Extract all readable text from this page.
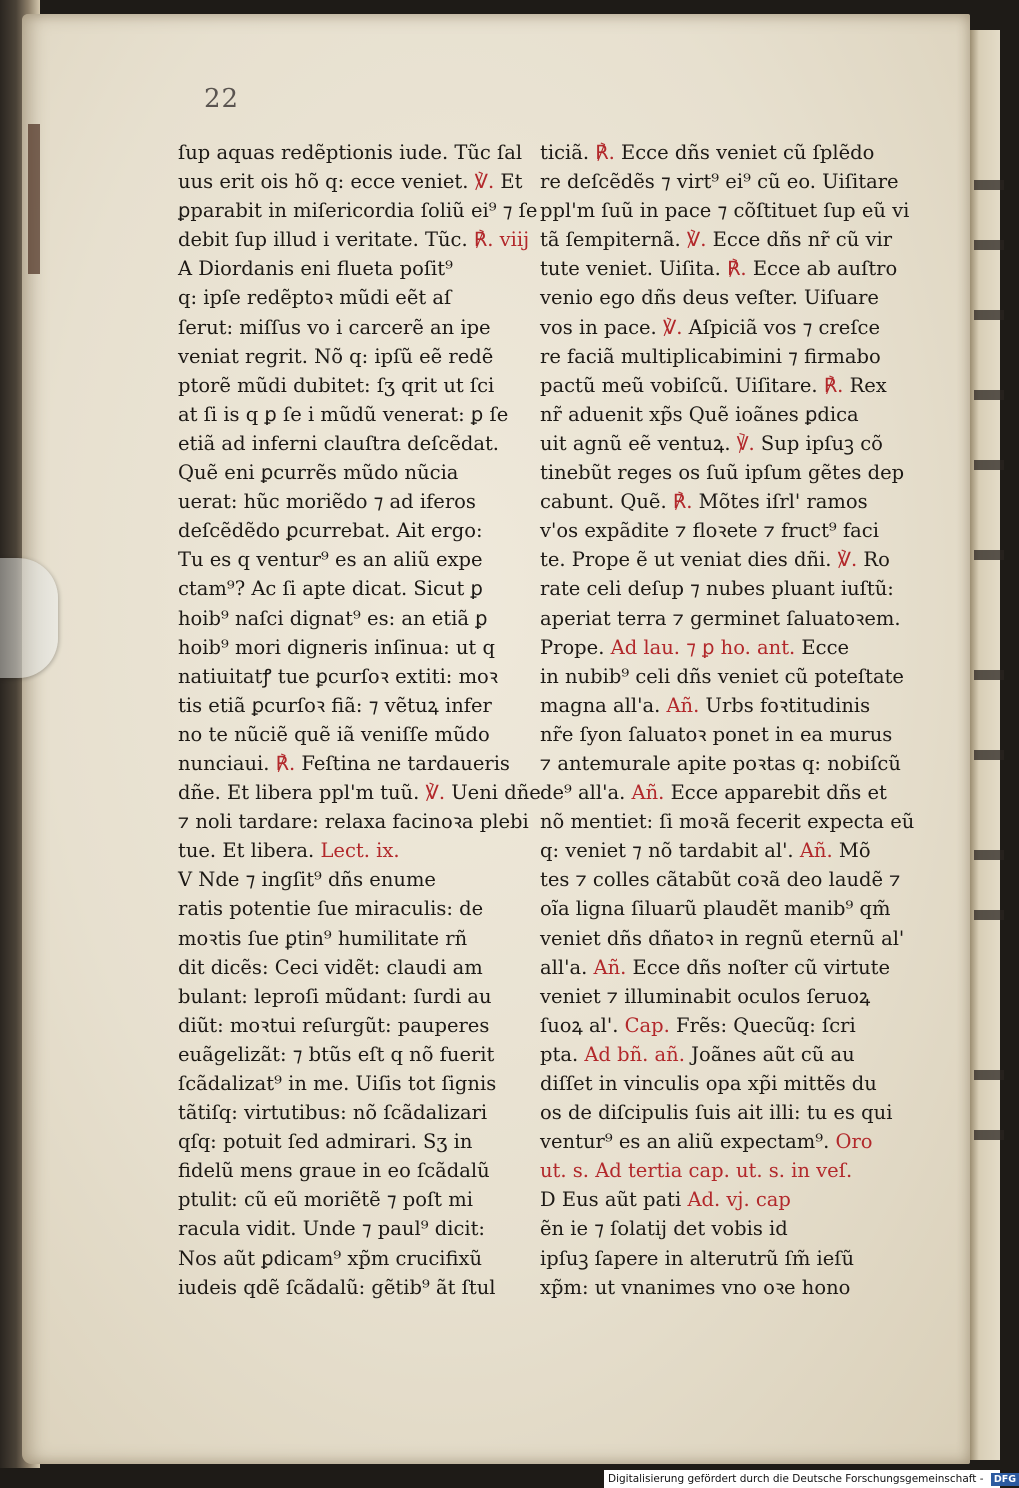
22
ſup aquas redẽptionis iude. Tũc ſal
uus erit ois hõ q: ecce veniet. ℣. Et
ꝑparabit in miſericordia ſoliũ ei⁹ ⁊ ſe
debit ſup illud i veritate. Tũc. ℟. viij
A Diordanis eni flueta poſit⁹
q: ipſe redẽptoꝛ mũdi eẽt aſ
ſerut: miſſus vo i carcerẽ an ipe
veniat regrit. Nõ q: ipſũ eẽ redẽ
ptorẽ mũdi dubitet: ſʒ qrit ut ſci
at ſi is q ꝑ ſe i mũdũ venerat: ꝑ ſe
etiã ad inferni clauſtra deſcẽdat.
Quẽ eni ꝑcurrẽs mũdo nũcia
uerat: hũc moriẽdo ⁊ ad iferos
deſcẽdẽdo ꝑcurrebat. Ait ergo:
Tu es q ventur⁹ es an aliũ expe
ctam⁹? Ac ſi apte dicat. Sicut ꝑ
hoib⁹ naſci dignat⁹ es: an etiã ꝑ
hoib⁹ mori digneris inſinua: ut q
natiuitatꝭ tue ꝑcurſoꝛ extiti: moꝛ
tis etiã ꝑcurſoꝛ fiã: ⁊ vẽtuꝝ infer
no te nũciẽ quẽ iã veniſſe mũdo
nunciaui. ℟. Feſtina ne tardaueris
dñe. Et libera ppl'm tuũ. ℣. Ueni dñe
⁊ noli tardare: relaxa facinoꝛa plebi
tue. Et libera. Lect. ix.
V Nde ⁊ ingſit⁹ dñs enume
ratis potentie ſue miraculis: de
moꝛtis ſue ꝑtin⁹ humilitate rñ
dit dicẽs: Ceci vidẽt: claudi am
bulant: leproſi mũdant: ſurdi au
diũt: moꝛtui reſurgũt: pauperes
euãgelizãt: ⁊ btũs eſt q nõ fuerit
ſcãdalizat⁹ in me. Uiſis tot ſignis
tãtiſq: virtutibus: nõ ſcãdalizari
qſq: potuit ſed admirari. Sʒ in
fidelũ mens graue in eo ſcãdalũ
ptulit: cũ eũ moriẽtẽ ⁊ poſt mi
racula vidit. Unde ⁊ paul⁹ dicit:
Nos aũt ꝑdicam⁹ xp̃m crucifixũ
iudeis qdẽ ſcãdalũ: gẽtib⁹ ãt ſtul
ticiã. ℟. Ecce dñs veniet cũ ſplẽdo
re deſcẽdẽs ⁊ virt⁹ ei⁹ cũ eo. Uiſitare
ppl'm ſuũ in pace ⁊ cõſtituet ſup eũ vi
tã ſempiternã. ℣. Ecce dñs nr̃ cũ vir
tute veniet. Uiſita. ℟. Ecce ab auſtro
venio ego dñs deus veſter. Uiſuare
vos in pace. ℣. Aſpiciã vos ⁊ creſce
re faciã multiplicabimini ⁊ firmabo
pactũ meũ vobiſcũ. Uiſitare. ℟. Rex
nr̃ aduenit xp̃s Quẽ ioãnes ꝑdica
uit agnũ eẽ ventuꝝ. ℣. Sup ipſuꝫ cõ
tinebũt reges os ſuũ ipſum gẽtes dep
cabunt. Quẽ. ℟. Mõtes iſrl' ramos
v'os expãdite ⁊ floꝛete ⁊ fruct⁹ faci
te. Prope ẽ ut veniat dies dñi. ℣. Ro
rate celi deſup ⁊ nubes pluant iuſtũ:
aperiat terra ⁊ germinet ſaluatoꝛem.
Prope. Ad lau. ⁊ ꝑ ho. ant. Ecce
in nubib⁹ celi dñs veniet cũ poteſtate
magna all'a. Añ. Urbs foꝛtitudinis
nr̃e ſyon ſaluatoꝛ ponet in ea murus
⁊ antemurale apite poꝛtas q: nobiſcũ
de⁹ all'a. Añ. Ecce apparebit dñs et
nõ mentiet: ſi moꝛã fecerit expecta eũ
q: veniet ⁊ nõ tardabit al'. Añ. Mõ
tes ⁊ colles cãtabũt coꝛã deo laudẽ ⁊
oĩa ligna ſiluarũ plaudẽt manib⁹ qm̃
veniet dñs dñatoꝛ in regnũ eternũ al'
all'a. Añ. Ecce dñs noſter cũ virtute
veniet ⁊ illuminabit oculos ſeruoꝝ
ſuoꝝ al'. Cap. Frẽs: Quecũq: ſcri
pta. Ad bñ. añ. Joãnes aũt cũ au
diſſet in vinculis opa xp̃i mittẽs du
os de diſcipulis ſuis ait illi: tu es qui
ventur⁹ es an aliũ expectam⁹. Oro
ut. s. Ad tertia cap. ut. s. in veſ.
D Eus aũt pati Ad. vj. cap
ẽn ie ⁊ ſolatij det vobis id
ipſuꝫ ſapere in alterutrũ ſm̃ ieſũ
xp̃m: ut vnanimes vno oꝛe hono
Digitalisierung gefördert durch die Deutsche Forschungsgemeinschaft - DFG
